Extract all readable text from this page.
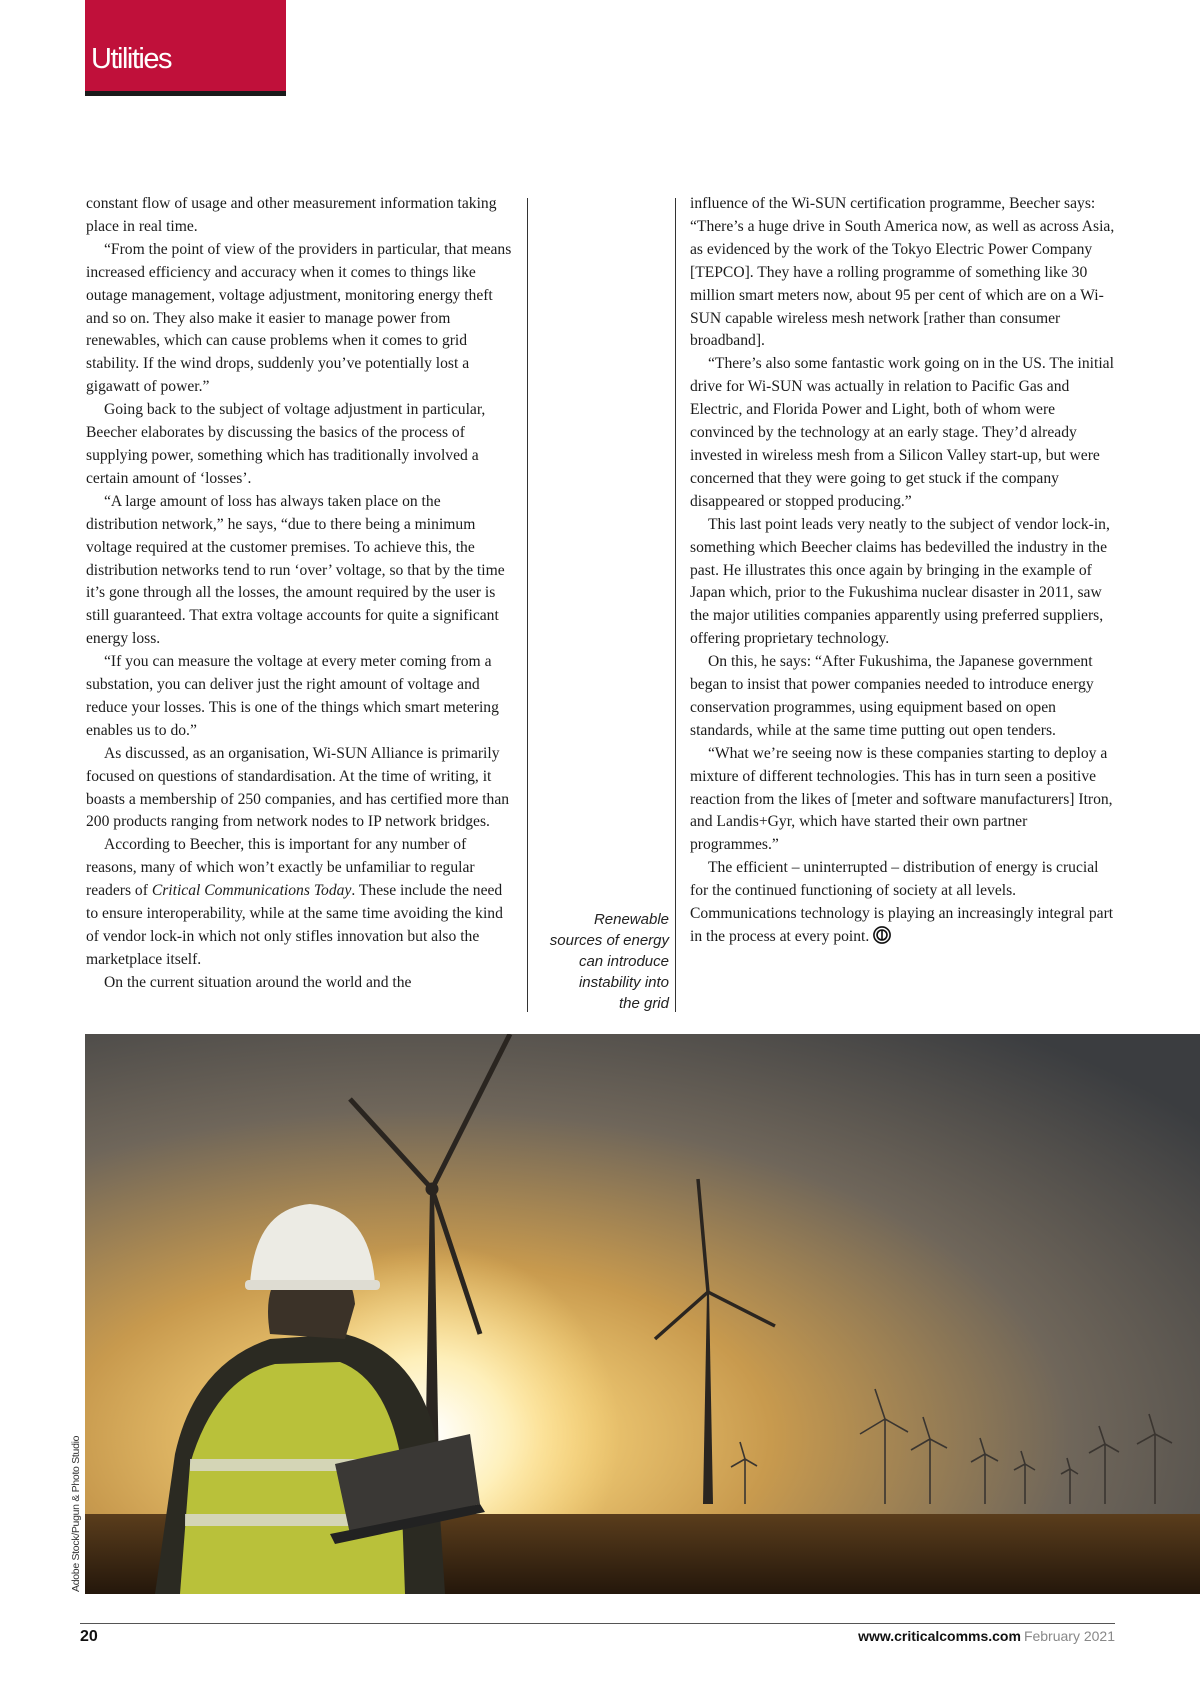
Utilities

constant flow of usage and other measurement information taking place in real time.

“From the point of view of the providers in particular, that means increased efficiency and accuracy when it comes to things like outage management, voltage adjustment, monitoring energy theft and so on. They also make it easier to manage power from renewables, which can cause problems when it comes to grid stability. If the wind drops, suddenly you’ve potentially lost a gigawatt of power.”

Going back to the subject of voltage adjustment in particular, Beecher elaborates by discussing the basics of the process of supplying power, something which has traditionally involved a certain amount of ‘losses’.

“A large amount of loss has always taken place on the distribution network,” he says, “due to there being a minimum voltage required at the customer premises. To achieve this, the distribution networks tend to run ‘over’ voltage, so that by the time it’s gone through all the losses, the amount required by the user is still guaranteed. That extra voltage accounts for quite a significant energy loss.

“If you can measure the voltage at every meter coming from a substation, you can deliver just the right amount of voltage and reduce your losses. This is one of the things which smart metering enables us to do.”

As discussed, as an organisation, Wi-SUN Alliance is primarily focused on questions of standardisation. At the time of writing, it boasts a membership of 250 companies, and has certified more than 200 products ranging from network nodes to IP network bridges.

According to Beecher, this is important for any number of reasons, many of which won’t exactly be unfamiliar to regular readers of Critical Communications Today. These include the need to ensure interoperability, while at the same time avoiding the kind of vendor lock-in which not only stifles innovation but also the marketplace itself.

On the current situation around the world and the

Renewable
sources of energy
can introduce
instability into
the grid

influence of the Wi-SUN certification programme, Beecher says: “There’s a huge drive in South America now, as well as across Asia, as evidenced by the work of the Tokyo Electric Power Company [TEPCO]. They have a rolling programme of something like 30 million smart meters now, about 95 per cent of which are on a Wi-SUN capable wireless mesh network [rather than consumer broadband].

“There’s also some fantastic work going on in the US. The initial drive for Wi-SUN was actually in relation to Pacific Gas and Electric, and Florida Power and Light, both of whom were convinced by the technology at an early stage. They’d already invested in wireless mesh from a Silicon Valley start-up, but were concerned that they were going to get stuck if the company disappeared or stopped producing.”

This last point leads very neatly to the subject of vendor lock-in, something which Beecher claims has bedevilled the industry in the past. He illustrates this once again by bringing in the example of Japan which, prior to the Fukushima nuclear disaster in 2011, saw the major utilities companies apparently using preferred suppliers, offering proprietary technology.

On this, he says: “After Fukushima, the Japanese government began to insist that power companies needed to introduce energy conservation programmes, using equipment based on open standards, while at the same time putting out open tenders.

“What we’re seeing now is these companies starting to deploy a mixture of different technologies. This has in turn seen a positive reaction from the likes of [meter and software manufacturers] Itron, and Landis+Gyr, which have started their own partner programmes.”

The efficient – uninterrupted – distribution of energy is crucial for the continued functioning of society at all levels. Communications technology is playing an increasingly integral part in the process at every point.

Adobe Stock/Pugun & Photo Studio
20	www.criticalcomms.com February 2021
